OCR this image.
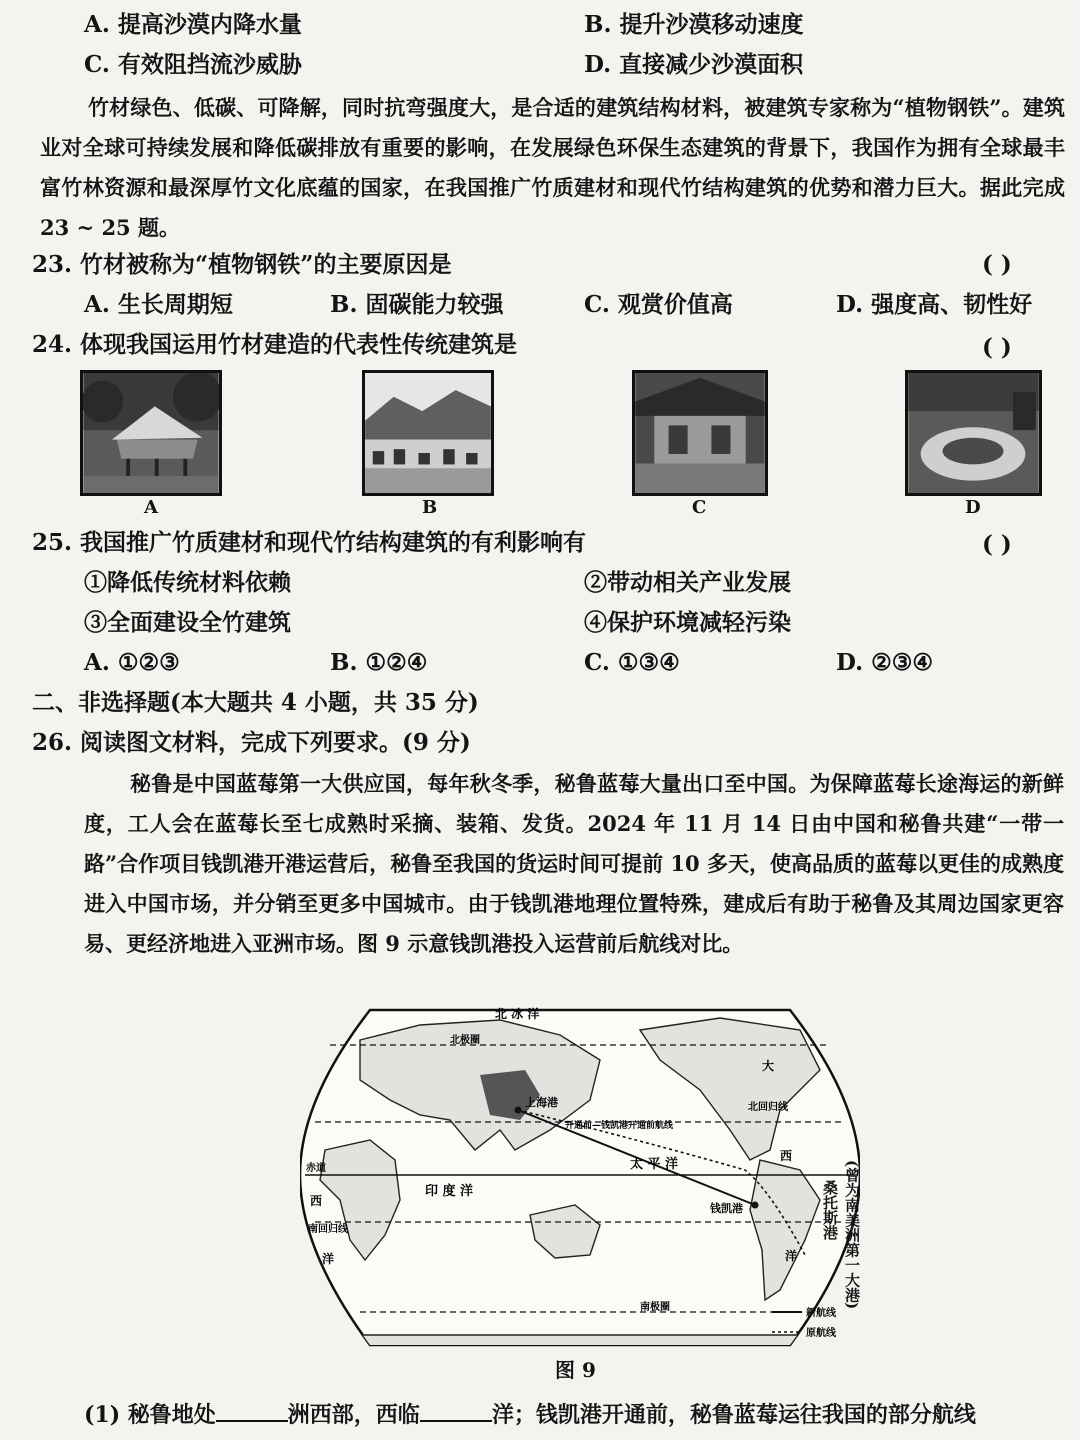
A. 提高沙漠内降水量	B. 提升沙漠移动速度
C. 有效阻挡流沙威胁	D. 直接减少沙漠面积
竹材绿色、低碳、可降解，同时抗弯强度大，是合适的建筑结构材料，被建筑专家称为“植物钢铁”。建筑业对全球可持续发展和降低碳排放有重要的影响，在发展绿色环保生态建筑的背景下，我国作为拥有全球最丰富竹林资源和最深厚竹文化底蕴的国家，在我国推广竹质建材和现代竹结构建筑的优势和潜力巨大。据此完成 23 ~ 25 题。
23. 竹材被称为“植物钢铁”的主要原因是	( )
A. 生长周期短	B. 固碳能力较强	C. 观赏价值高	D. 强度高、韧性好
24. 体现我国运用竹材建造的代表性传统建筑是	( )
A	B	C	D
25. 我国推广竹质建材和现代竹结构建筑的有利影响有	( )
①降低传统材料依赖	②带动相关产业发展
③全面建设全竹建筑	④保护环境减轻污染
A. ①②③	B. ①②④	C. ①③④	D. ②③④
二、非选择题(本大题共 4 小题，共 35 分)
26. 阅读图文材料，完成下列要求。(9 分)
秘鲁是中国蓝莓第一大供应国，每年秋冬季，秘鲁蓝莓大量出口至中国。为保障蓝莓长途海运的新鲜度，工人会在蓝莓长至七成熟时采摘、装箱、发货。2024 年 11 月 14 日由中国和秘鲁共建“一带一路”合作项目钱凯港开港运营后，秘鲁至我国的货运时间可提前 10 多天，使高品质的蓝莓以更佳的成熟度进入中国市场，并分销至更多中国城市。由于钱凯港地理位置特殊，建成后有助于秘鲁及其周边国家更容易、更经济地进入亚洲市场。图 9 示意钱凯港投入运营前后航线对比。
北 冰 洋
北极圈
上海港
开通前—钱凯港开通前航线
太 平 洋
印 度 洋
大
西
洋
西
洋
北回归线
南回归线
赤道
南极圈
钱凯港
新航线
原航线
桑托斯港 (曾为南美洲第一大港)
图 9
(1) 秘鲁地处	洲西部，西临	洋；钱凯港开通前，秘鲁蓝莓运往我国的部分航线
